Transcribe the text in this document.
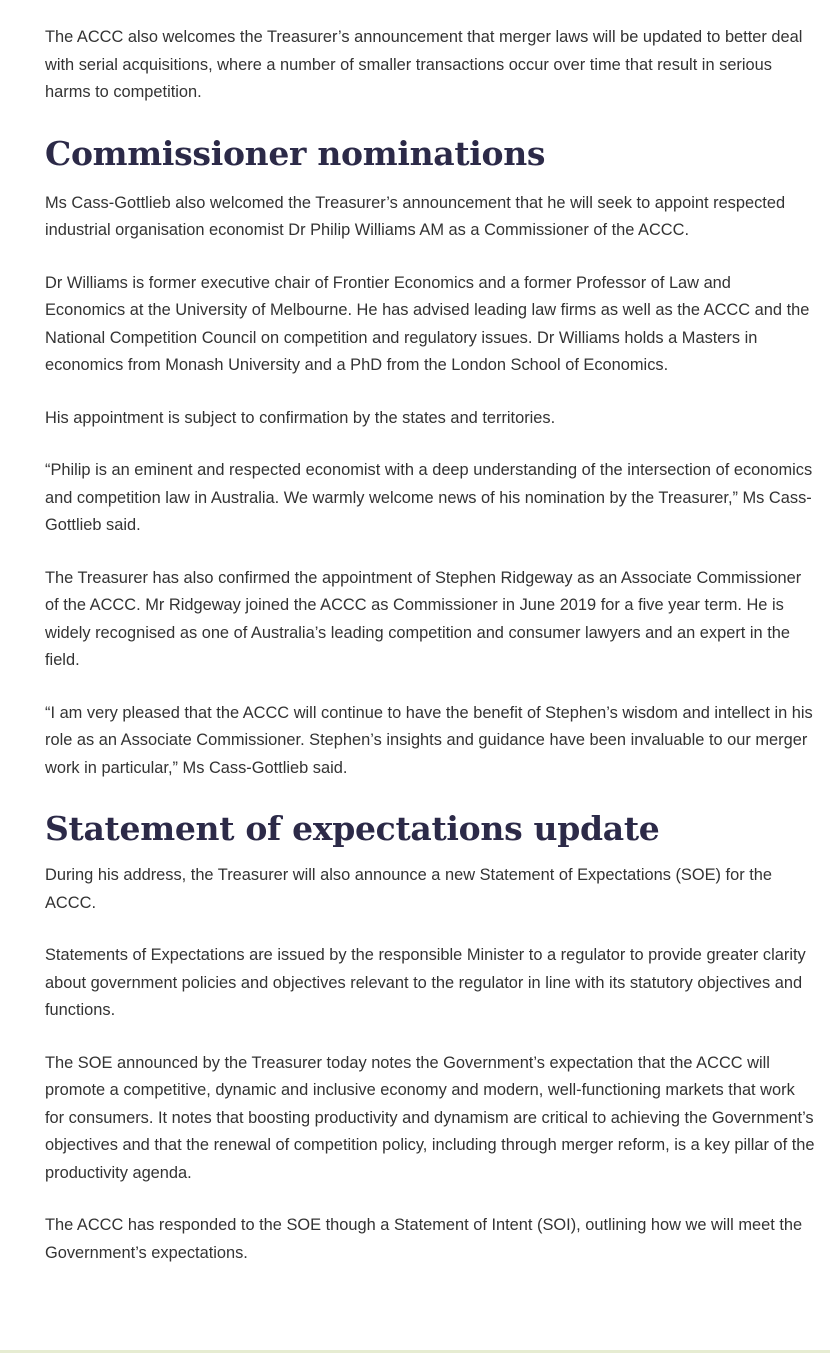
The ACCC also welcomes the Treasurer’s announcement that merger laws will be updated to better deal with serial acquisitions, where a number of smaller transactions occur over time that result in serious harms to competition.

Commissioner nominations

Ms Cass-Gottlieb also welcomed the Treasurer’s announcement that he will seek to appoint respected industrial organisation economist Dr Philip Williams AM as a Commissioner of the ACCC.

Dr Williams is former executive chair of Frontier Economics and a former Professor of Law and Economics at the University of Melbourne. He has advised leading law firms as well as the ACCC and the National Competition Council on competition and regulatory issues. Dr Williams holds a Masters in economics from Monash University and a PhD from the London School of Economics.

His appointment is subject to confirmation by the states and territories.

“Philip is an eminent and respected economist with a deep understanding of the intersection of economics and competition law in Australia. We warmly welcome news of his nomination by the Treasurer,” Ms Cass-Gottlieb said.

The Treasurer has also confirmed the appointment of Stephen Ridgeway as an Associate Commissioner of the ACCC. Mr Ridgeway joined the ACCC as Commissioner in June 2019 for a five year term. He is widely recognised as one of Australia’s leading competition and consumer lawyers and an expert in the field.

“I am very pleased that the ACCC will continue to have the benefit of Stephen’s wisdom and intellect in his role as an Associate Commissioner. Stephen’s insights and guidance have been invaluable to our merger work in particular,” Ms Cass-Gottlieb said.

Statement of expectations update

During his address, the Treasurer will also announce a new Statement of Expectations (SOE) for the ACCC.

Statements of Expectations are issued by the responsible Minister to a regulator to provide greater clarity about government policies and objectives relevant to the regulator in line with its statutory objectives and functions.

The SOE announced by the Treasurer today notes the Government’s expectation that the ACCC will promote a competitive, dynamic and inclusive economy and modern, well-functioning markets that work for consumers. It notes that boosting productivity and dynamism are critical to achieving the Government’s objectives and that the renewal of competition policy, including through merger reform, is a key pillar of the productivity agenda.

The ACCC has responded to the SOE though a Statement of Intent (SOI), outlining how we will meet the Government’s expectations.
